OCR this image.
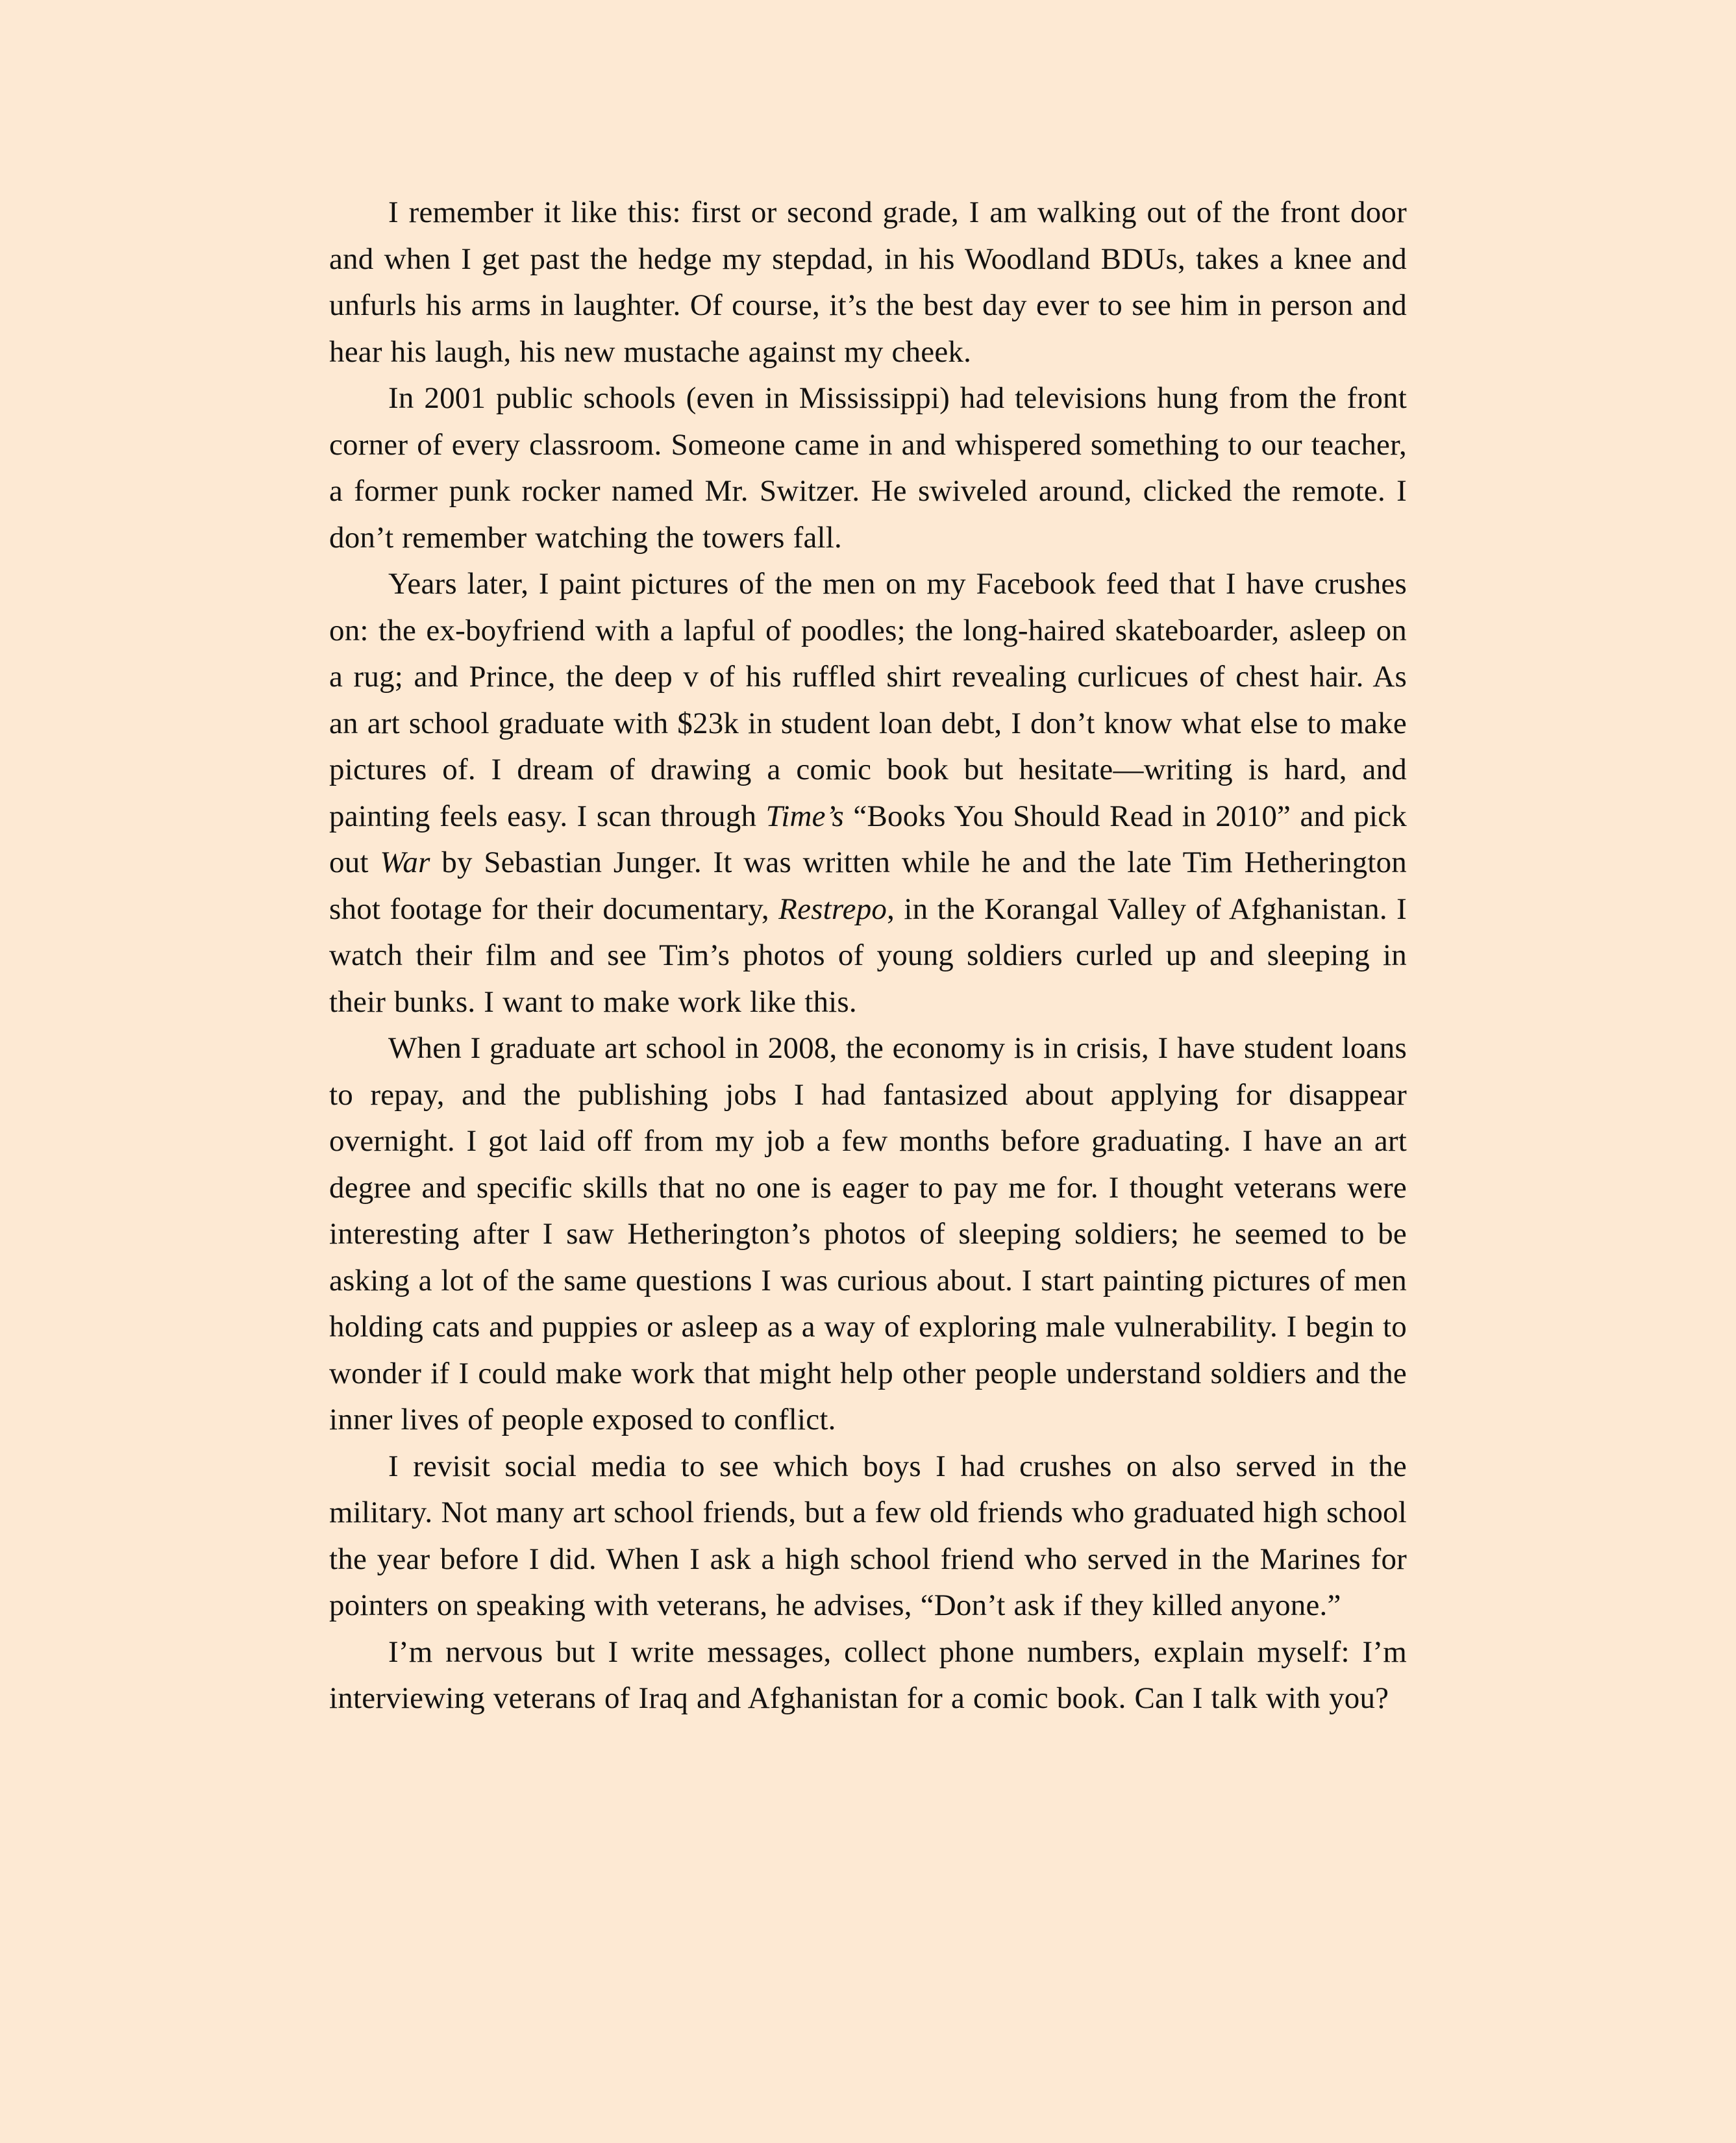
I remember it like this: first or second grade, I am walking out of the front door and when I get past the hedge my stepdad, in his Woodland BDUs, takes a knee and unfurls his arms in laughter. Of course, it’s the best day ever to see him in person and hear his laugh, his new mustache against my cheek.

In 2001 public schools (even in Mississippi) had televisions hung from the front corner of every classroom. Someone came in and whispered something to our teacher, a former punk rocker named Mr. Switzer. He swiveled around, clicked the remote. I don’t remember watching the towers fall.

Years later, I paint pictures of the men on my Facebook feed that I have crushes on: the ex-boyfriend with a lapful of poodles; the long-haired skateboarder, asleep on a rug; and Prince, the deep v of his ruffled shirt revealing curlicues of chest hair. As an art school graduate with $23k in student loan debt, I don’t know what else to make pictures of. I dream of drawing a comic book but hesitate—writing is hard, and painting feels easy. I scan through Time’s “Books You Should Read in 2010” and pick out War by Sebastian Junger. It was written while he and the late Tim Hetherington shot footage for their documentary, Restrepo, in the Korangal Valley of Afghanistan. I watch their film and see Tim’s photos of young soldiers curled up and sleeping in their bunks. I want to make work like this.

When I graduate art school in 2008, the economy is in crisis, I have student loans to repay, and the publishing jobs I had fantasized about applying for disappear overnight. I got laid off from my job a few months before graduating. I have an art degree and specific skills that no one is eager to pay me for. I thought veterans were interesting after I saw Hetherington’s photos of sleeping soldiers; he seemed to be asking a lot of the same questions I was curious about. I start painting pictures of men holding cats and puppies or asleep as a way of exploring male vulnerability. I begin to wonder if I could make work that might help other people understand soldiers and the inner lives of people exposed to conflict.

I revisit social media to see which boys I had crushes on also served in the military. Not many art school friends, but a few old friends who graduated high school the year before I did. When I ask a high school friend who served in the Marines for pointers on speaking with veterans, he advises, “Don’t ask if they killed anyone.”

I’m nervous but I write messages, collect phone numbers, explain myself: I’m interviewing veterans of Iraq and Afghanistan for a comic book. Can I talk with you?
